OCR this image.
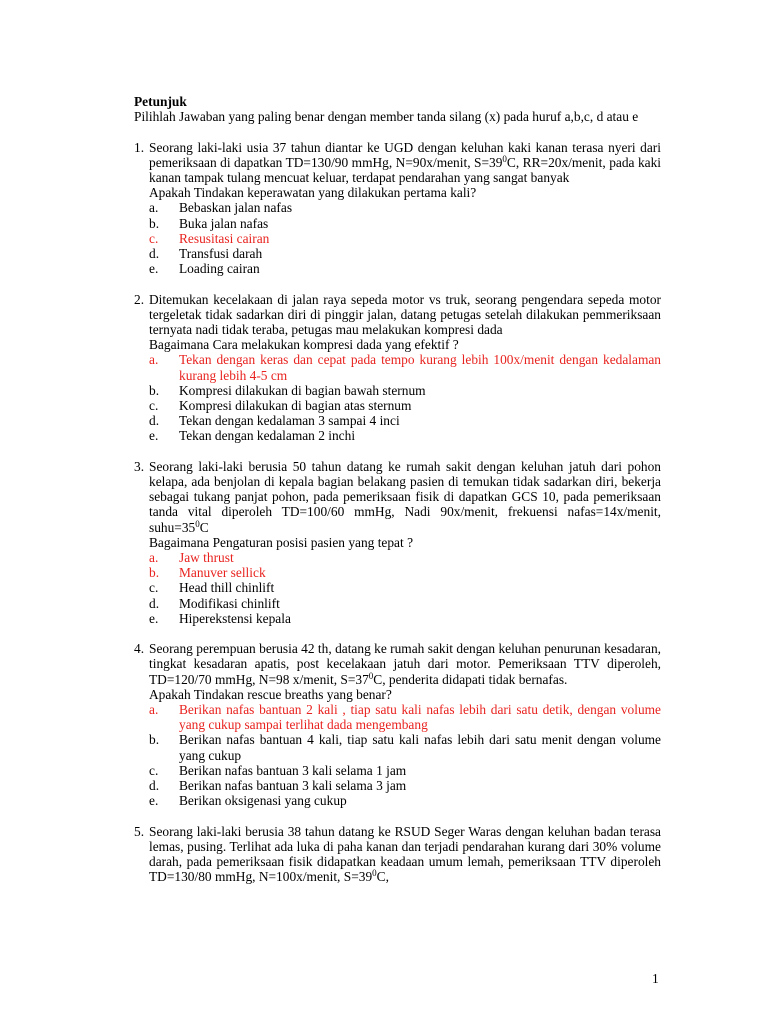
Petunjuk
Pilihlah Jawaban yang paling benar dengan member tanda silang (x) pada huruf a,b,c, d atau e
1. Seorang laki-laki usia 37 tahun diantar ke UGD dengan keluhan kaki kanan terasa nyeri dari pemeriksaan di dapatkan TD=130/90 mmHg, N=90x/menit, $S=39^0C$, RR=20x/menit, pada kaki kanan tampak tulang mencuat keluar, terdapat pendarahan yang sangat banyak
Apakah Tindakan keperawatan yang dilakukan pertama kali?
a.	Bebaskan jalan nafas
b.	Buka jalan nafas
c.	Resusitasi cairan
d.	Transfusi darah
e.	Loading cairan
2. Ditemukan kecelakaan di jalan raya sepeda motor vs truk, seorang pengendara sepeda motor tergeletak tidak sadarkan diri di pinggir jalan, datang petugas setelah dilakukan pemmeriksaan ternyata nadi tidak teraba, petugas mau melakukan kompresi dada
Bagaimana Cara melakukan kompresi dada yang efektif ?
a.	Tekan dengan keras dan cepat pada tempo kurang lebih 100x/menit dengan kedalaman kurang lebih 4-5 cm
b.	Kompresi dilakukan di bagian bawah sternum
c.	Kompresi dilakukan di bagian atas sternum
d.	Tekan dengan kedalaman 3 sampai 4 inci
e.	Tekan dengan kedalaman 2 inchi
3. Seorang laki-laki berusia 50 tahun datang ke rumah sakit dengan keluhan jatuh dari pohon kelapa, ada benjolan di kepala bagian belakang pasien di temukan tidak sadarkan diri, bekerja sebagai tukang panjat pohon, pada pemeriksaan fisik di dapatkan GCS 10, pada pemeriksaan tanda vital diperoleh TD=100/60 mmHg, Nadi 90x/menit, frekuensi nafas=14x/menit, $suhu=35^0C$
Bagaimana Pengaturan posisi pasien yang tepat ?
a.	Jaw thrust
b.	Manuver sellick
c.	Head thill chinlift
d.	Modifikasi chinlift
e.	Hiperekstensi kepala
4. Seorang perempuan berusia 42 th, datang ke rumah sakit dengan keluhan penurunan kesadaran, tingkat kesadaran apatis, post kecelakaan jatuh dari motor. Pemeriksaan TTV diperoleh, TD=120/70 mmHg, N=98 x/menit, $S=37^0C$, penderita didapati tidak bernafas.
Apakah Tindakan rescue breaths yang benar?
a.	Berikan nafas bantuan 2 kali , tiap satu kali nafas lebih dari satu detik, dengan volume yang cukup sampai terlihat dada mengembang
b.	Berikan nafas bantuan 4 kali, tiap satu kali nafas lebih dari satu menit dengan volume yang cukup
c.	Berikan nafas bantuan 3 kali selama 1 jam
d.	Berikan nafas bantuan 3 kali selama 3 jam
e.	Berikan oksigenasi yang cukup
5. Seorang laki-laki berusia 38 tahun datang ke RSUD Seger Waras dengan keluhan badan terasa lemas, pusing. Terlihat ada luka di paha kanan dan terjadi pendarahan kurang dari 30% volume darah, pada pemeriksaan fisik didapatkan keadaan umum lemah, pemeriksaan TTV diperoleh TD=130/80 mmHg, N=100x/menit, $S=39^0C$,
1
